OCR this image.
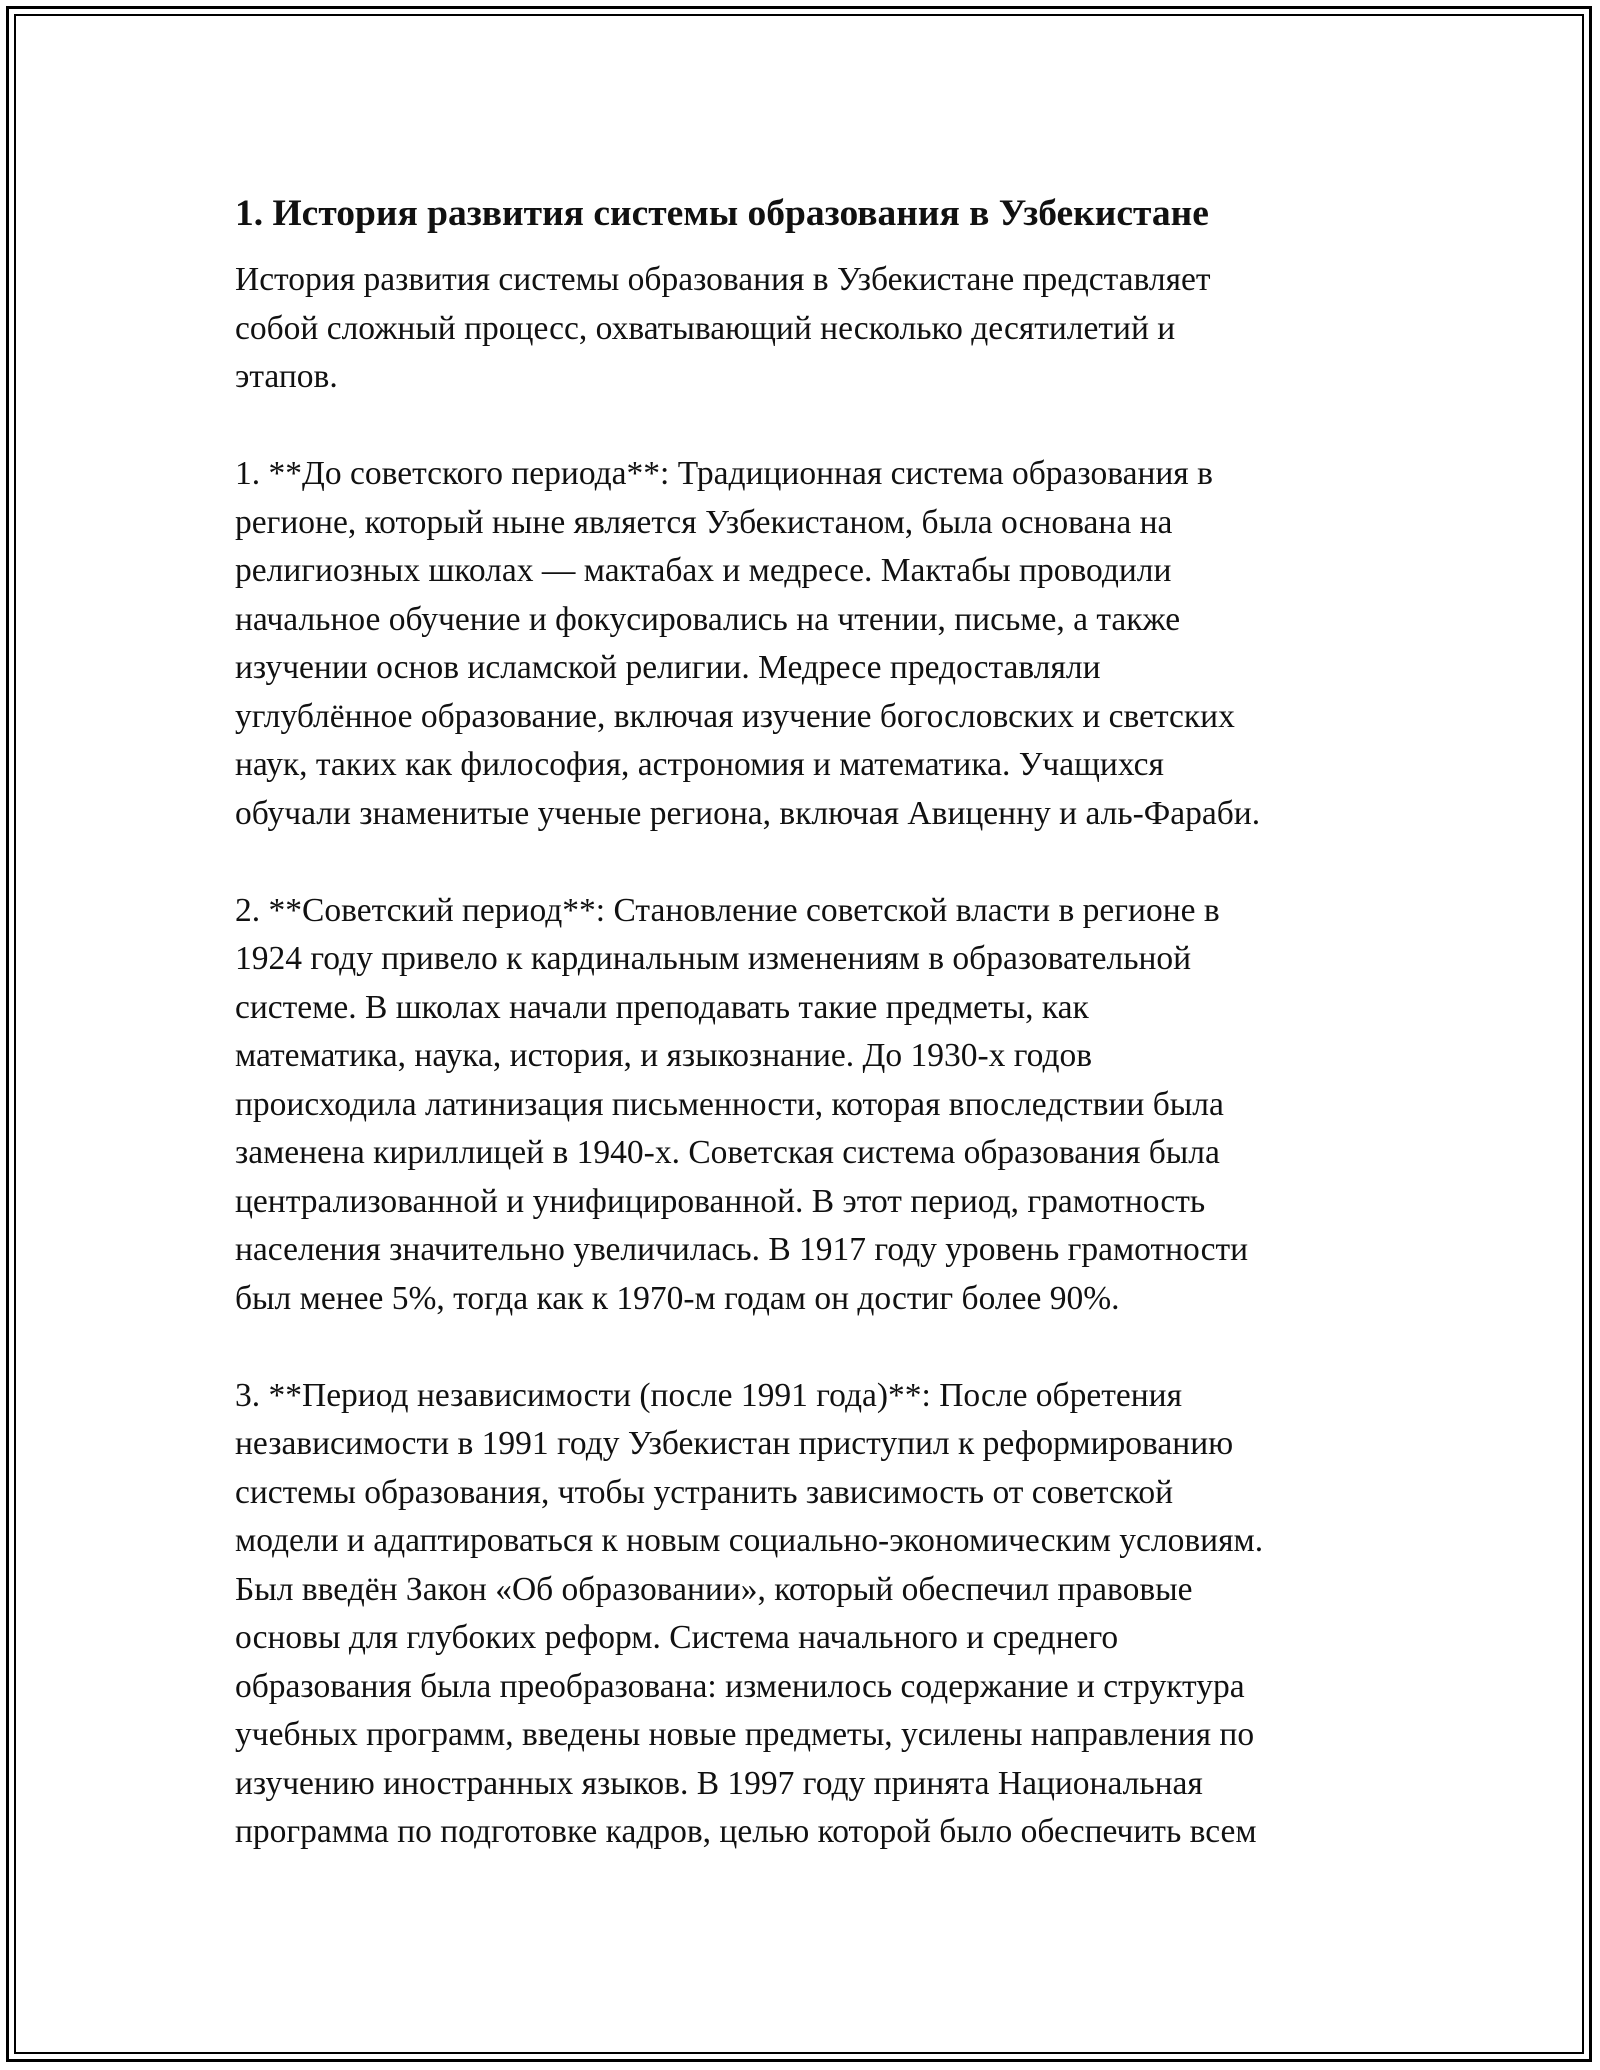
1. История развития системы образования в Узбекистане
История развития системы образования в Узбекистане представляет
собой сложный процесс, охватывающий несколько десятилетий и
этапов.
1. **До советского периода**: Традиционная система образования в
регионе, который ныне является Узбекистаном, была основана на
религиозных школах — мактабах и медресе. Мактабы проводили
начальное обучение и фокусировались на чтении, письме, а также
изучении основ исламской религии. Медресе предоставляли
углублённое образование, включая изучение богословских и светских
наук, таких как философия, астрономия и математика. Учащихся
обучали знаменитые ученые региона, включая Авиценну и аль-Фараби.
2. **Советский период**: Становление советской власти в регионе в
1924 году привело к кардинальным изменениям в образовательной
системе. В школах начали преподавать такие предметы, как
математика, наука, история, и языкознание. До 1930-х годов
происходила латинизация письменности, которая впоследствии была
заменена кириллицей в 1940-х. Советская система образования была
централизованной и унифицированной. В этот период, грамотность
населения значительно увеличилась. В 1917 году уровень грамотности
был менее 5%, тогда как к 1970-м годам он достиг более 90%.
3. **Период независимости (после 1991 года)**: После обретения
независимости в 1991 году Узбекистан приступил к реформированию
системы образования, чтобы устранить зависимость от советской
модели и адаптироваться к новым социально-экономическим условиям.
Был введён Закон «Об образовании», который обеспечил правовые
основы для глубоких реформ. Система начального и среднего
образования была преобразована: изменилось содержание и структура
учебных программ, введены новые предметы, усилены направления по
изучению иностранных языков. В 1997 году принята Национальная
программа по подготовке кадров, целью которой было обеспечить всем
